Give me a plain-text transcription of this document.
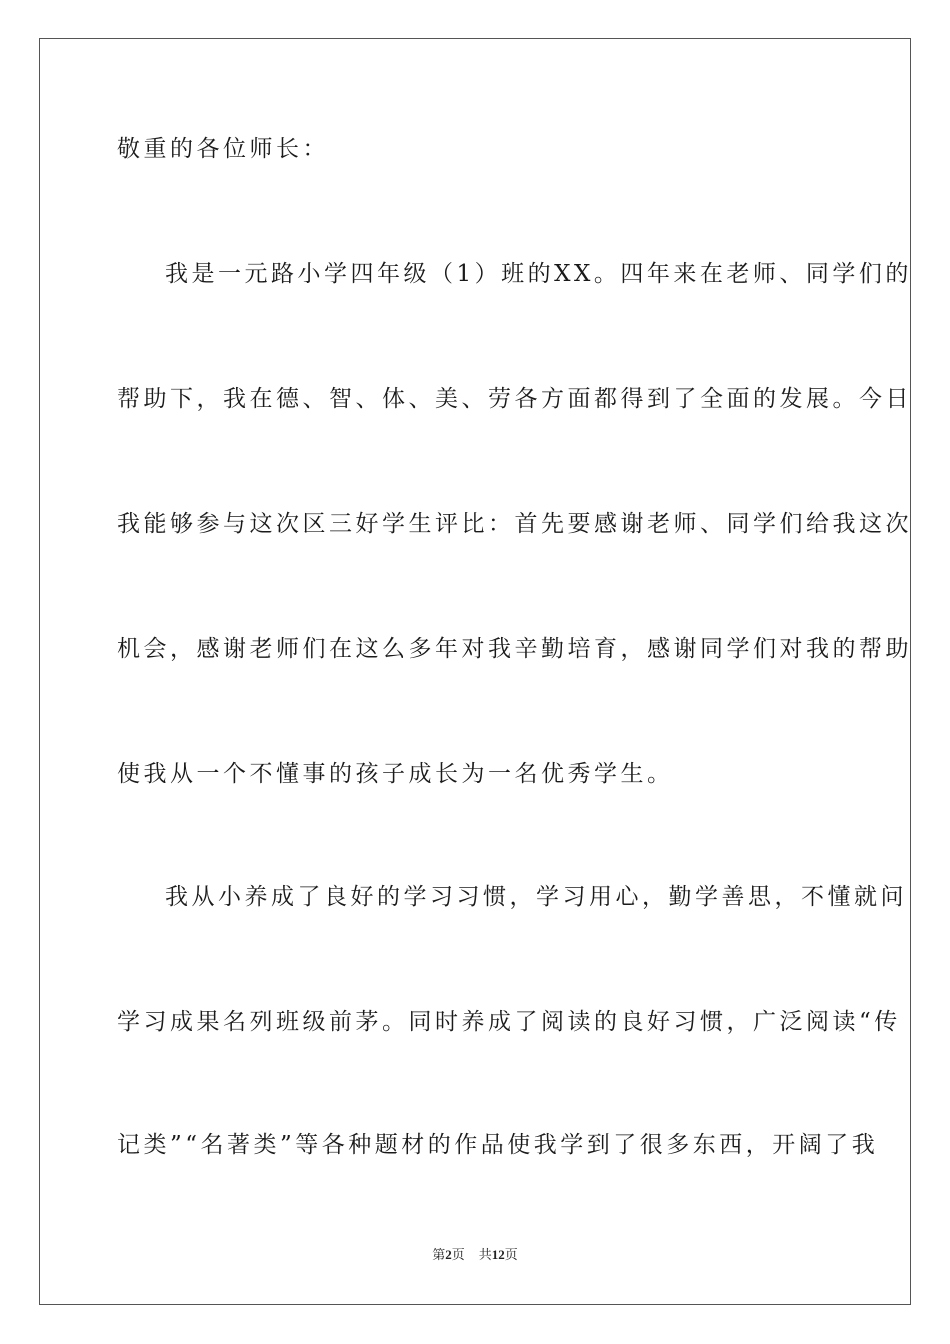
敬重的各位师长：
我是一元路小学四年级（1）班的XX。四年来在老师、同学们的
帮助下，我在德、智、体、美、劳各方面都得到了全面的发展。今日
我能够参与这次区三好学生评比：首先要感谢老师、同学们给我这次
机会，感谢老师们在这么多年对我辛勤培育，感谢同学们对我的帮助
使我从一个不懂事的孩子成长为一名优秀学生。
我从小养成了良好的学习习惯，学习用心，勤学善思，不懂就问
学习成果名列班级前茅。同时养成了阅读的良好习惯，广泛阅读“传
记类”“名著类”等各种题材的作品使我学到了很多东西，开阔了我
第2页 共12页
